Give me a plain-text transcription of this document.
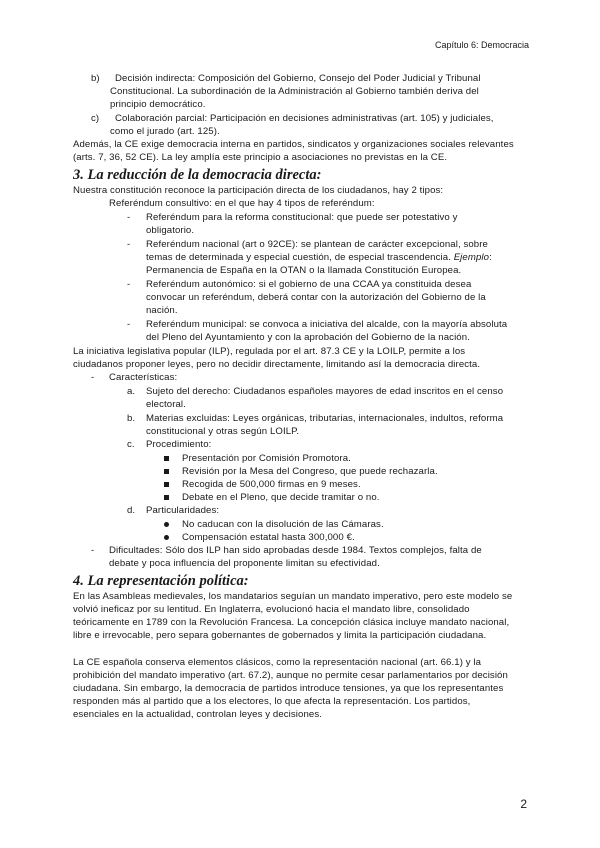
Capítulo 6: Democracia
b) Decisión indirecta: Composición del Gobierno, Consejo del Poder Judicial y Tribunal
Constitucional. La subordinación de la Administración al Gobierno también deriva del
principio democrático.
c) Colaboración parcial: Participación en decisiones administrativas (art. 105) y judiciales,
como el jurado (art. 125).
Además, la CE exige democracia interna en partidos, sindicatos y organizaciones sociales relevantes
(arts. 7, 36, 52 CE). La ley amplía este principio a asociaciones no previstas en la CE.
3. La reducción de la democracia directa:
Nuestra constitución reconoce la participación directa de los ciudadanos, hay 2 tipos:
Referéndum consultivo: en el que hay 4 tipos de referéndum:
- Referéndum para la reforma constitucional: que puede ser potestativo y
obligatorio.
- Referéndum nacional (art o 92CE): se plantean de carácter excepcional, sobre
temas de determinada y especial cuestión, de especial trascendencia. Ejemplo:
Permanencia de España en la OTAN o la llamada Constitución Europea.
- Referéndum autonómico: si el gobierno de una CCAA ya constituida desea
convocar un referéndum, deberá contar con la autorización del Gobierno de la
nación.
- Referéndum municipal: se convoca a iniciativa del alcalde, con la mayoría absoluta
del Pleno del Ayuntamiento y con la aprobación del Gobierno de la nación.
La iniciativa legislativa popular (ILP), regulada por el art. 87.3 CE y la LOILP, permite a los
ciudadanos proponer leyes, pero no decidir directamente, limitando así la democracia directa.
- Características:
a. Sujeto del derecho: Ciudadanos españoles mayores de edad inscritos en el censo
electoral.
b. Materias excluidas: Leyes orgánicas, tributarias, internacionales, indultos, reforma
constitucional y otras según LOILP.
c. Procedimiento:
Presentación por Comisión Promotora.
Revisión por la Mesa del Congreso, que puede rechazarla.
Recogida de 500,000 firmas en 9 meses.
Debate en el Pleno, que decide tramitar o no.
d. Particularidades:
No caducan con la disolución de las Cámaras.
Compensación estatal hasta 300,000 €.
- Dificultades: Sólo dos ILP han sido aprobadas desde 1984. Textos complejos, falta de
debate y poca influencia del proponente limitan su efectividad.
4. La representación política:
En las Asambleas medievales, los mandatarios seguían un mandato imperativo, pero este modelo se
volvió ineficaz por su lentitud. En Inglaterra, evolucionó hacia el mandato libre, consolidado
teóricamente en 1789 con la Revolución Francesa. La concepción clásica incluye mandato nacional,
libre e irrevocable, pero separa gobernantes de gobernados y limita la participación ciudadana.
La CE española conserva elementos clásicos, como la representación nacional (art. 66.1) y la
prohibición del mandato imperativo (art. 67.2), aunque no permite cesar parlamentarios por decisión
ciudadana. Sin embargo, la democracia de partidos introduce tensiones, ya que los representantes
responden más al partido que a los electores, lo que afecta la representación. Los partidos,
esenciales en la actualidad, controlan leyes y decisiones.
2
